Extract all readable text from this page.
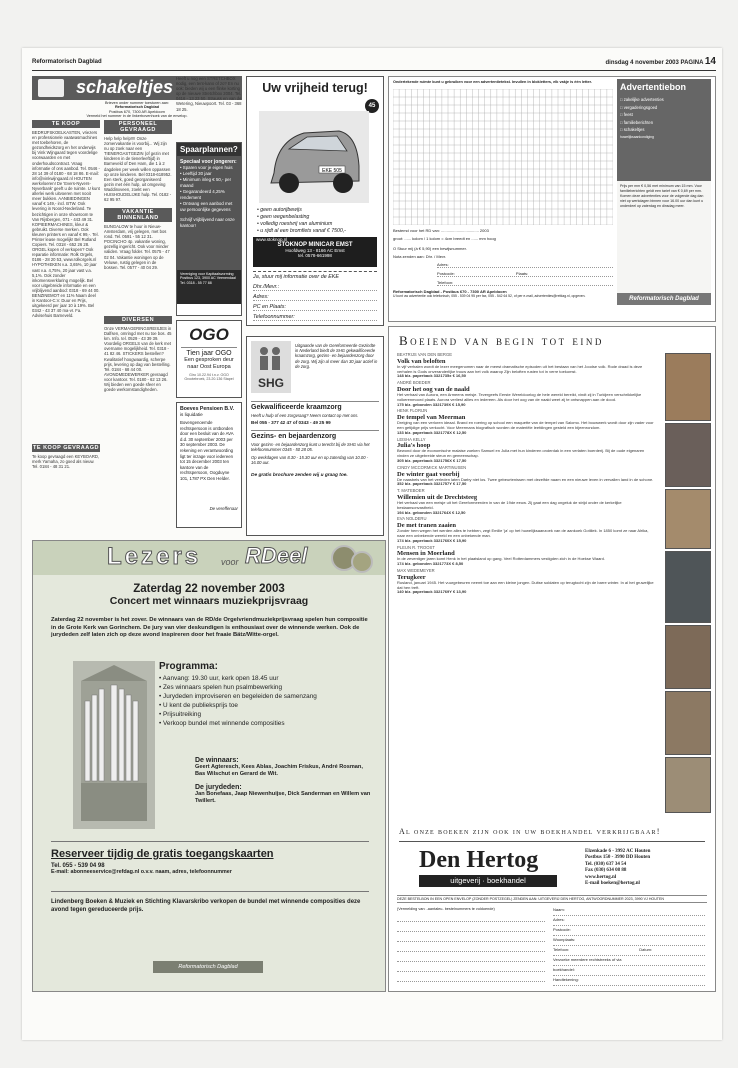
Reformatorisch Dagblad	dinsdag 4 november 2003 PAGINA 14
schakeltjes
Brieven onder nummer toesturen aan:
Reformatorisch Dagblad
Postbus 670, 7300 AR Apeldoorn
Vermeld het nummer in de linkerbovenhoek van de envelop.
TE KOOP
BEDRIJFSKOELKASTEN, vriezers en professionele vaatwasmachines met toebehoren, de gezondheidszorg en het onderwijs bij Vink Wijngaard tegen voordelige voorwaarden en met onderhoudscontract. Vraag informatie of ons aanbod. Tel. 0546 - 28 14 39 of 0180 - 68 18 86. E-mail: info@vinkwijngaard.nl HOUTEN werkvloeren! De 'Evers-Nyvers-Nyverbank' geeft u de ruimte. U kunt allerlei werk uitvoeren met nooit meer bukken. AANBIEDINGEN vanaf € 149,- incl. BTW. Ook levering in Noord-Nederland. Te bezichtigen in onze showroom te Van Rijsbergen, 071 - 443 49 31. KOPIEERMACHINES, kleur & gebruikt. Diverse merken. Ook kleuren printers en vanaf € 99,-. Tel. Printer lease mogelijk! Bel Rutland Copiers. Tel. 0318 - 652 26 28. ORGEL kopen of verkopen? Ook reparatie informatie: Rolk Orgels, 0186 - 28 20 53, www.rolkorgels.nl HYPOTHEKEN v.a. 3,65%, 10 jaar vast v.a. 4,75%, 20 jaar vast v.a. 5,1%. Ook zonder inkomensverklaring mogelijk. Bel voor uitgebreide informatie en een vrijblijvend aanbod: 0318 - 69 44 00. BENZINEMOT en 11% Naam deel in Kantoor-C.V. Duur en Prijs, uitgekeerd per jaar 10 à 19%. Bel 0342 - 43 37 40 ma-vr. Fa. Advisehuis Barneveld.
TE KOOP GEVRAAGD
Te koop gevraagd een KEYBOARD, merk Yamaha, zo goed als nieuw. Tel. 0184 - 48 31 21.
PERSONEEL GEVRAAGD
Help help help!!!! Onze zomervakantie is voorbij... Wij zijn nu op zoek naar een TIENERGASTGEZIN (of gezin met kinderen in de tienerleeftijd) in Barneveld of Den Ham, die 1 à 2 dagdelen per week willen oppassen op onze kinderen. Bel 0318-618952. Een sterk, goed georganiseerd gezin met één hulp, uit omgeving Waddinxveen, zoekt een HUISHOUDELIJKE hulp. Tel. 0182 - 62 95 97.
VAKANTIE BINNENLAND
BUNGALOW te huur in Nieuw-Amsterdam, vrij gelegen, met bos rond. Tel. 0591 - 55 12 31. POCINCHO 4p. vakantie woning, gezellig ingericht. Ook voor minder validen. Vraag folder. Tel. 0575 - 47 02 04. Vakantie woningen op de Veluwe, rustig gelegen in de bossen. Tel. 0577 - 40 04 29.
DIVERSEN
Onze VERMAGERINGSREISJES in Dalfsen, omringd met nu toe bos. 45 km. Info. tel. 0529 - 43 39 39. Voordelig ORGELS van de kerk met overname mogelijkheid. Tel. 0318 - 41 82 46. STICKERS bestellen? Kwalitatief hoogwaardig, scherpe prijs, levering op dag van bestelling. Tel. 0184 - 68 44 00. AVONDMEDEWERKER gevraagd voor kantoor. Tel. 0180 - 62 13 26. Wij bieden een goede sfeer en goede werkomstandigheden.
Heeft u nog een STRETCHBOX nodig, een tent-kano of zo? En nu ook: bieden wij u een flinke korting op de nieuwe Stretchbox 2004. Tel. 0416 - 13 23 50. Strauss en van de Wetering, Nieuwpoort. Tel. 03 - 368 18 25.
Spaarplannen?
Speciaal voor jongeren:
• Sparen voor je eigen huis
• Leeftijd 30 jaar
• Minimum inleg € 50,- per maand
• Gegarandeerd 4,25% rendement
• Ontvang een aanbod met uw persoonlijke gegevens
Schrijf vrijblijvend naar onze kantoor!
Vereniging voor Kapitaalsvorming
Postbus 123, 3900 AC Veenendaal
Tel. 0318 - 55 77 88
OGO
Tien jaar OGO
Een gesproken deur naar Oost Europa
Giro 10.22.94 t.n.v. OGO
Grootebroek, 23.20.136 Stapel
Boeves Pensioen B.V.
is liquidatie
Bovengenoemde rechtspersoon is ontbonden door een besluit van de AVA d.d. 30 september 2003 per 30 september 2003. De rekening en verantwoording ligt ter inzage voor iedereen tot 15 december 2003 ten kantore van de rechtspersoon, Oogduyne 101, 1787 PX Den Helder.
De vereffenaar
Uw vrijheid terug!
45
EKE 505
• geen autorijbewijs
• geen wegenbelasting
• volledig roestvrij van aluminium
• u rijdt al een bromfiets vanaf € 7500,-
www.stoknop.nl
STOKNOP MINICAR EMST
Hoofdweg 13 - 8166 AC Emst
tel. 0578-661998
Ja, stuur mij informatie over de EKE
Dhr./Mevr.:
Adres:
PC en Plaats:
Telefoonnummer:
SHG
Uitgaande van de Gereformeerde Gezindte in Nederland biedt de SHG gekwalificeerde kraamzorg, gezins- en bejaardenzorg door de zorg. Wij zijn al meer dan 30 jaar actief in de zorg.
Gekwalificeerde kraamzorg
Heeft u hulp of een zorgvraag? Neem contact op met ons.
Bel 055 - 377 42 47 of 0343 - 49 25 99
Gezins- en bejaardenzorg
Voor gezins- en bejaardenzorg kunt u terecht bij de SHG via het telefoonnummer 0345 - 50 28 05.
Op werkdagen van 8.30 - 15.30 uur en op zaterdag van 10.00 - 16.00 uur.
De gratis brochure zenden wij u graag toe.
Lezers voor RDeel
Zaterdag 22 november 2003
Concert met winnaars muziekprijsvraag
Zaterdag 22 november is het zover. De winnaars van de RD/de Orgelvriendmuziekprijsvraag spelen hun compositie in de Grote Kerk van Gorinchem. De jury van vier deskundigen is enthousiast over de winnende werken. Ook de jurydeden zelf laten zich op deze avond inspireren door het fraaie Bätz/Witte-orgel.
Programma:
• Aanvang: 19.30 uur, kerk open 18.45 uur
• Zes winnaars spelen hun psalmbewerking
• Jurydeden improviseren en begeleiden de samenzang
• U kent de publieksprijs toe
• Prijsuitreiking
• Verkoop bundel met winnende composities
De winnaars:
Geert Agteresch, Kees Ablas, Joachim Friskus, André Rosman, Bas Wilschut en Gerard de Wit.
De jurydeden:
Jan Bonefaas, Jaap Niewenhuijse, Dick Sanderman en Willem van Twillert.
Reserveer tijdig de gratis toegangskaarten
Tel. 055 - 539 04 98
E-mail: abonneeservice@refdag.nl o.v.v. naam, adres, telefoonnummer
Lindenberg Boeken & Muziek en Stichting Klavarskribo verkopen de bundel met winnende composities deze avond tegen gereduceerde prijs.
Reformatorisch Dagblad
Ondertekende ruimte kunt u gebruiken voor een advertentietekst. Invullen in blokletters, elk vakje is één letter.
Bestemd voor het RD van: .................................. 2003
groot: ...... kolom / 1 kolom = 4cm breedt en ...... mm hoog
O Stuur mij (à € 5,90) een bewijsnummer.
Nota zenden aan: Dhr. / Mevr.
Adres:
Postcode:	Plaats:
Telefoon:
Reformatorisch Dagblad - Postbus 670 - 7300 AR Apeldoorn
U kunt uw advertentie ook telefonisch, 055 - 539 04 95 per fax, 055 - 542 64 52, of per e-mail, advertenties@refdag.nl, opgeven.
Advertentiebon
□ zakelijke advertenties
□ vergaderingsgoed
□ feest
□ familieberichten
□ schakeltjes
huwelijksaankondiging
Prijs per mm € 0,56 met minimum van 15 mm. Voor familieberichten geldt een tarief van € 0,69 per mm. Komen deze advertenties voor de volgende dag dan niet op werkdagen binnen voor 16.00 uur dan kunt u onderdeel op zaterdag en dinsdag meer.
Reformatorisch Dagblad
Boeiend van begin tot eind
BEATRIJS VAN DEN BERGE
Volk van beloften
In vijf verhalen wordt de lezer meegenomen naar de meest dramatische episoden uit het bestaan van het Joodse volk. Rode draad is deze verhalen is Gods onveranderlijke trouw aan het volk waarop Zijn beloften rusten tot in verre toekomst.
148 blz. paperback 3321735x € 16,50
ANDRÉ BOEDER
Door het oog van de naald
Het verhaal van Aurora, een Armeens meisje. Tevergeefs Eerste Wereldoorlog de hele wereld bereikt, vindt zij in Turkijeen verschrikkelijke volkerenmoord plaats. Aurora verliest allies en iedereen. Als door het oog van de naald weet zij te ontsnappen aan de dood.
175 blz. gebonden 3321739X € 15,90
HENK FLORIJN
De tempel van Meerman
Dreiging van een verloren ideaal. Brand en roering op school een maquette van de tempel van Salomo. Het bouwwerk wordt door zijn vader voor een getijdige prijs verkocht. Voor Meermans biografisch worden de materiële leefdingen gesteld een bijeenrondom.
133 blz. paperback 3321778X € 12,50
LEISHA KELLY
Julia's hoop
Bewond door de economische malaise zoeken Samuel en Julia met hun kinderen onderdak in een verlaten boerderij. Bij de oude eigenaren vinden ze uitgebreide steun en gemeenschap.
305 blz. paperback 3321756X € 17,50
CINDY MCCORMICK MARTINUSEN
De winter gaat voorbij
De naasbels van het verleden laten Darby niet los. Twee gebeurtenissen met dezelfde naam en een nieuwe leven in vervallen land in de schone.
352 blz. paperback 3321757Y € 17,50
T. MATEBOER
Willemien uit de Drechtsteeg
Het verhaal van een meisje uit het Gereformeerden in van de 19de eeuw. Zij gaat een dag ongeluk de strijd onder de kerkelijke bestaansonvastheid.
194 blz. gebonden 3321764X € 12,50
EVA NOLDERU
De met tranen zaaien
Zonder hem wegen het werden alles te hebben, zegt Emilie 'ja' op het huwelijksaanzoek van de aankoek Gotiliek. In 1850 komt ze naar Alrika, naar een onbekende wereld en een onbekende man.
174 blz. paperback 3321760X € 15,90
PLEUN R. TROOST
Mensen in Moerland
In de zeventiger jaren komt Henk in het plaatsland op gang. Veel Rotterdammers vestigden zich in de Hoekse Waard.
174 blz. gebonden 3321773X € 8,50
MAX WEDEMEYER
Terugkeer
Rusland, januari 1945. Het vuurgebeuren neemt toe aan een kleine jongen. Duitse soldaten op terugtocht zijn de barre winter. In al het gruwelijke dat hen treft.
140 blz. paperback 3321769Y € 13,90
Al onze boeken zijn ook in uw boekhandel verkrijgbaar!
Den Hertog
uitgeverij · boekhandel
Elzenkade 6 - 3992 AC Houten
Postbus 150 - 3990 DD Houten
Tel. (030) 637 34 54
Fax (030) 634 08 88
www.hertog.nl
E-mail boeken@hertog.nl
DEZE BESTELBON IN EEN OPEN ENVELOP (ZONDER POSTZEGEL) ZENDEN AAN: UITGEVERIJ DEN HERTOG, ANTWOORDNUMMER 2023, 3990 VJ HOUTEN
(Vermelding van: -aantaleu- bestelnummers te voldoende)	Naam:
Adres:
Postcode:
Woonplaats:
Telefoon:	Datum:
Verzoeke meerdere rechtstreeks of via
boekhandel:
Handtekening:
